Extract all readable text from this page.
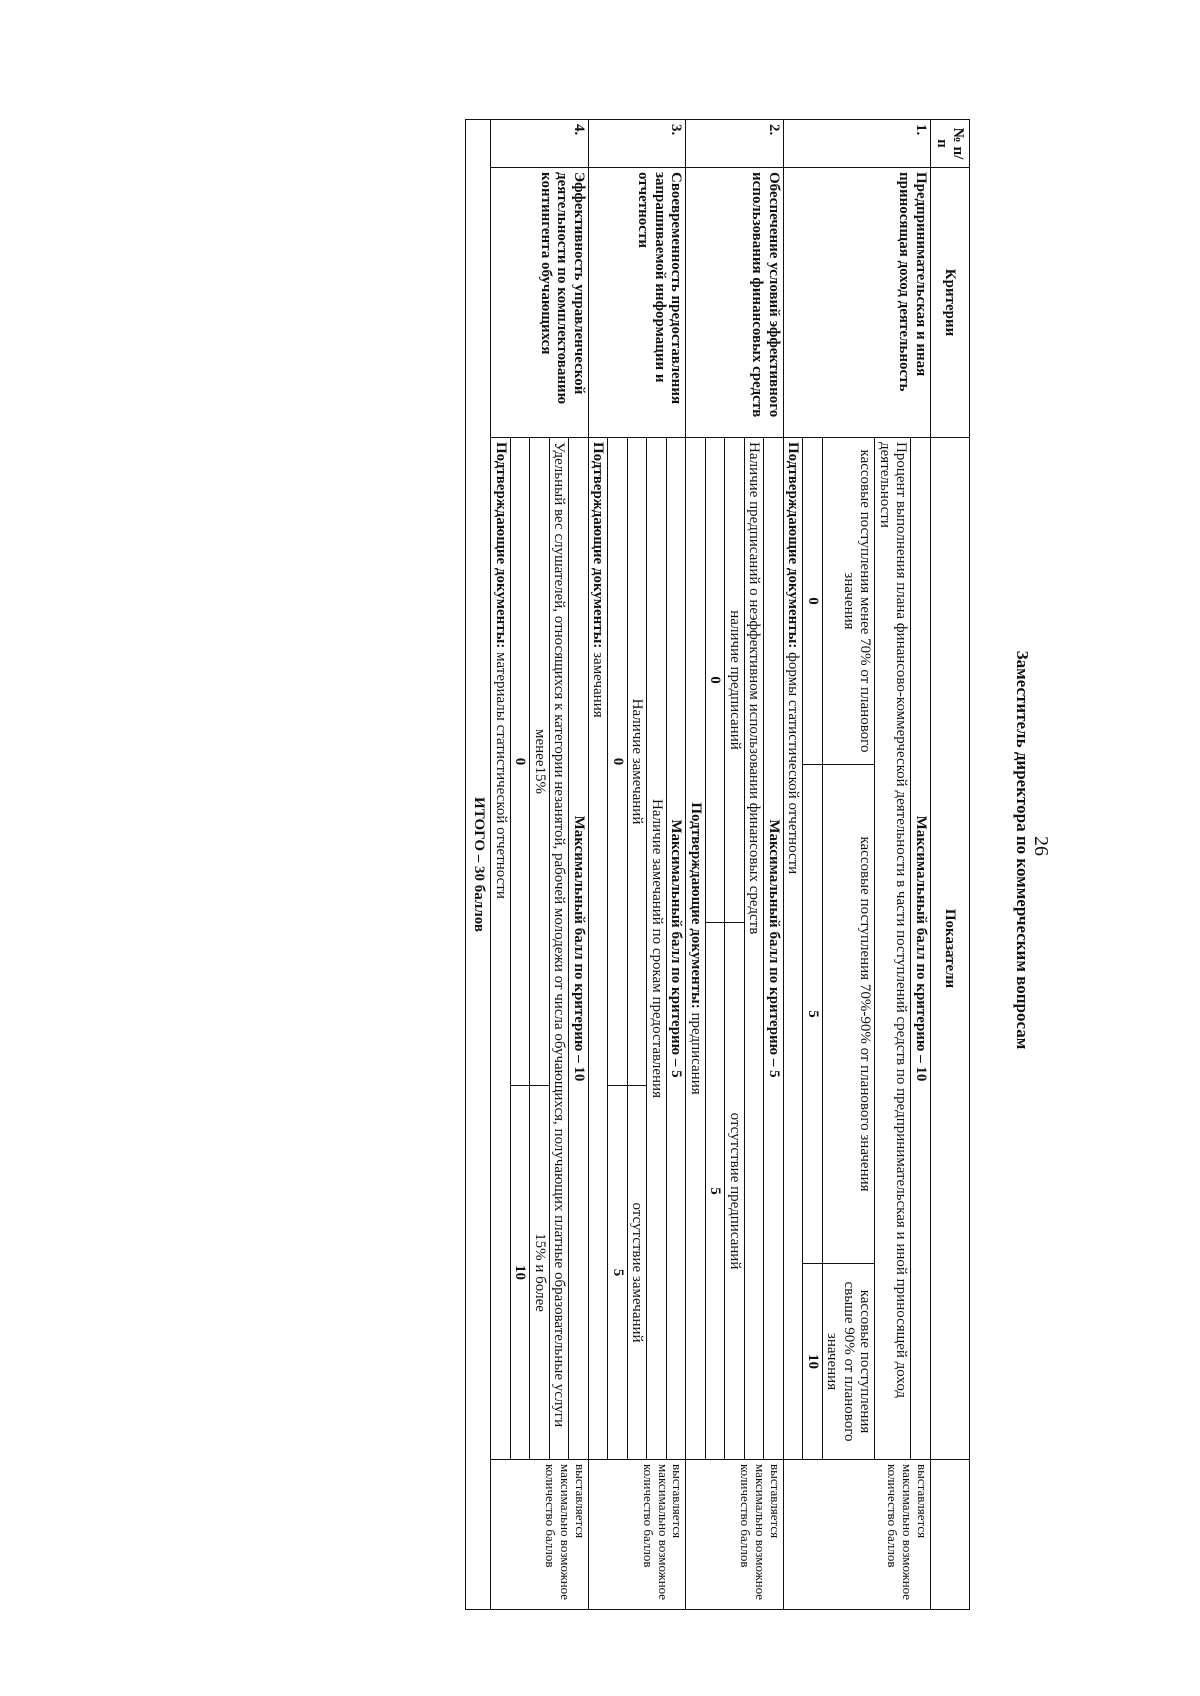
26
Заместитель директора по коммерческим вопросам
№ п/п	Критерии	Показатели					
1.	Предпринимательская и иная приносящая доход деятельность	Максимальный балл по критерию – 10					выставляется максимально возможное количество баллов
		Процент выполнения плана финансово-коммерческой деятельности в части поступлений средств по предпринимательская и иной приносящей доход деятельности					
		кассовые поступления менее 70% от планового значения	кассовые поступления 70%-90% от планового значения			кассовые поступления свыше 90% от планового значения	
		0	5			10	
		Подтверждающие документы: формы статистической отчетности					
2.	Обеспечение условий эффективного использования финансовых средств	Максимальный балл по критерию – 5					выставляется максимально возможное количество баллов
		Наличие предписаний о неэффективном использовании финансовых средств					
		наличие предписаний		отсутствие предписаний			
		0		5			
		Подтверждающие документы: предписания					
3.	Своевременность предоставления запрашиваемой информации и отчетности	Максимальный балл по критерию – 5					выставляется максимально возможное количество баллов
		Наличие замечаний по срокам предоставления					
		Наличие замечаний			отсутствие замечаний		
		0			5		
		Подтверждающие документы: замечания					
4.	Эффективность управленческой деятельности по комплектованию контингента обучающихся	Максимальный балл по критерию – 10					выставляется максимально возможное количество баллов
		Удельный вес слушателей, относящихся к категории незанятой, рабочей молодежи от числа обучающихся, получающих платные образовательные услуги					
		менее15%			15% и более		
		0			10		
		Подтверждающие документы: материалы статистической отчетности					
ИТОГО – 30 баллов							
